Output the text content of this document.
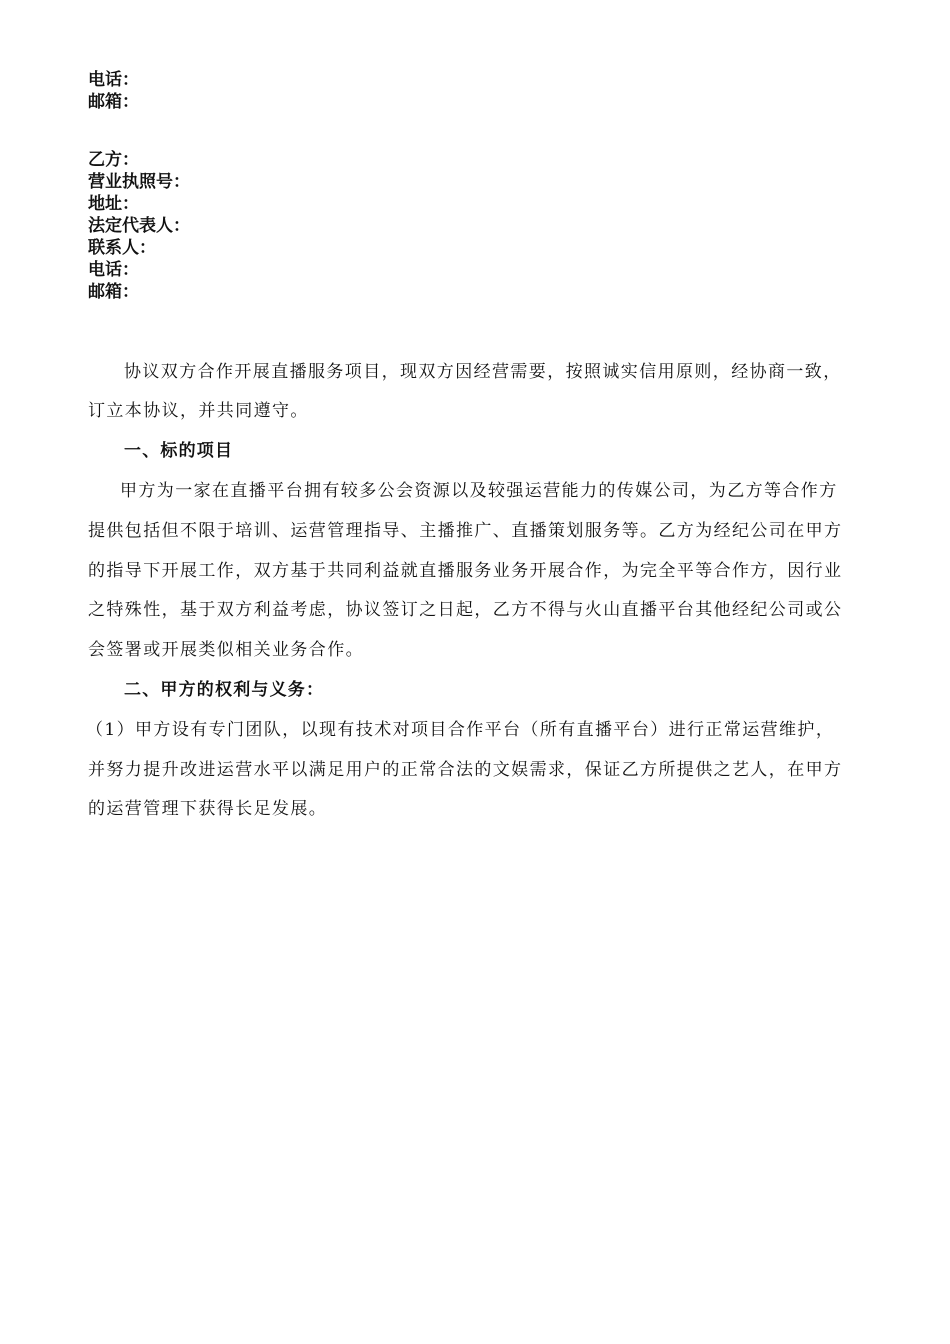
电话：
邮箱：
乙方：
营业执照号：
地址：
法定代表人：
联系人：
电话：
邮箱：
协议双方合作开展直播服务项目，现双方因经营需要，按照诚实信用原则，经协商一致，
订立本协议，并共同遵守。
一、标的项目
甲方为一家在直播平台拥有较多公会资源以及较强运营能力的传媒公司，为乙方等合作方
提供包括但不限于培训、运营管理指导、主播推广、直播策划服务等。乙方为经纪公司在甲方
的指导下开展工作，双方基于共同利益就直播服务业务开展合作，为完全平等合作方，因行业
之特殊性，基于双方利益考虑，协议签订之日起，乙方不得与火山直播平台其他经纪公司或公
会签署或开展类似相关业务合作。
二、甲方的权利与义务：
（1）甲方设有专门团队，以现有技术对项目合作平台（所有直播平台）进行正常运营维护，
并努力提升改进运营水平以满足用户的正常合法的文娱需求，保证乙方所提供之艺人，在甲方
的运营管理下获得长足发展。
